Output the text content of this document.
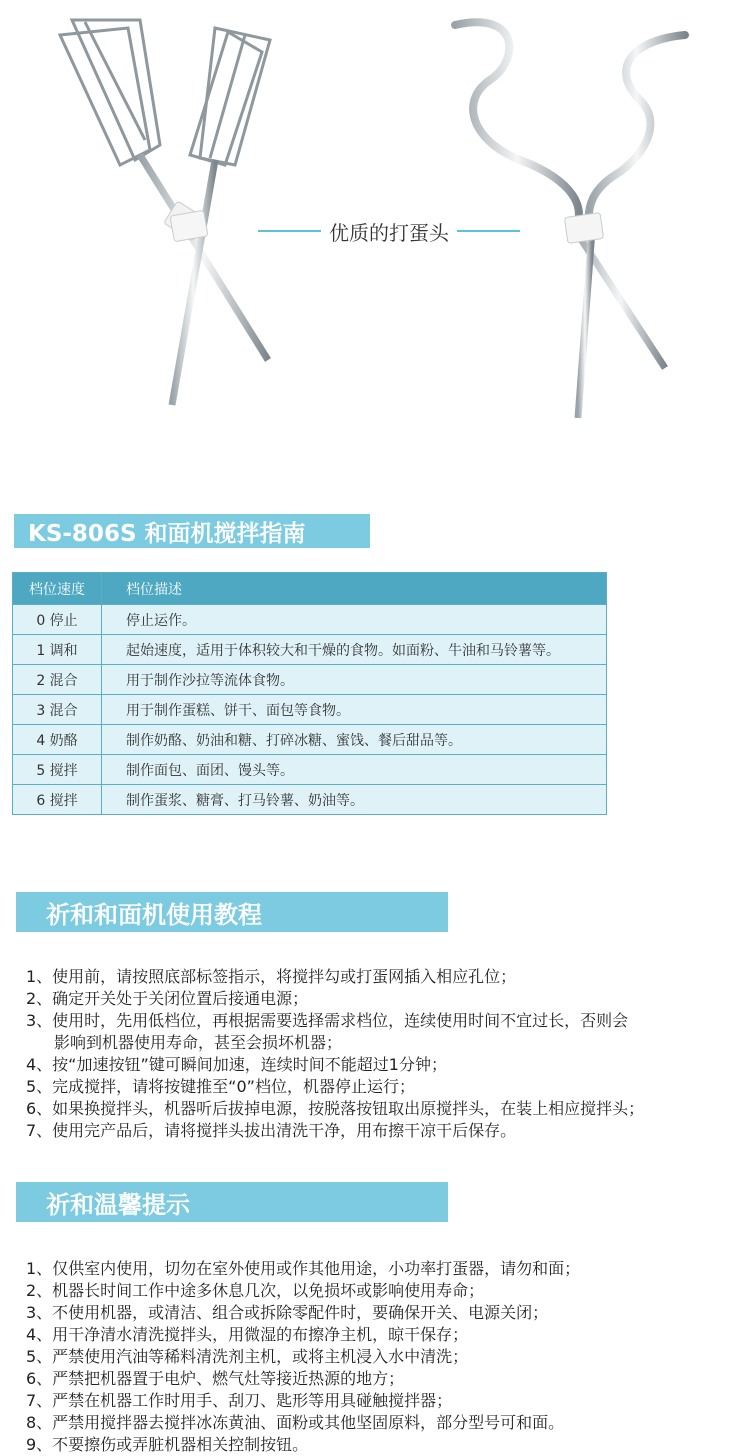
优质的打蛋头
KS-806S 和面机搅拌指南
档位速度	档位描述
0 停止	停止运作。
1 调和	起始速度，适用于体积较大和干燥的食物。如面粉、牛油和马铃薯等。
2 混合	用于制作沙拉等流体食物。
3 混合	用于制作蛋糕、饼干、面包等食物。
4 奶酪	制作奶酪、奶油和糖、打碎冰糖、蜜饯、餐后甜品等。
5 搅拌	制作面包、面团、馒头等。
6 搅拌	制作蛋浆、糖膏、打马铃薯、奶油等。
祈和和面机使用教程
1、使用前，请按照底部标签指示，将搅拌勾或打蛋网插入相应孔位；
2、确定开关处于关闭位置后接通电源；
3、使用时，先用低档位，再根据需要选择需求档位，连续使用时间不宜过长，否则会
影响到机器使用寿命，甚至会损坏机器；
4、按“加速按钮”键可瞬间加速，连续时间不能超过1分钟；
5、完成搅拌，请将按键推至“0”档位，机器停止运行；
6、如果换搅拌头，机器听后拔掉电源，按脱落按钮取出原搅拌头，在装上相应搅拌头；
7、使用完产品后，请将搅拌头拔出清洗干净，用布擦干凉干后保存。
祈和温馨提示
1、仅供室内使用，切勿在室外使用或作其他用途，小功率打蛋器，请勿和面；
2、机器长时间工作中途多休息几次，以免损坏或影响使用寿命；
3、不使用机器，或清洁、组合或拆除零配件时，要确保开关、电源关闭；
4、用干净清水清洗搅拌头，用微湿的布擦净主机，晾干保存；
5、严禁使用汽油等稀料清洗剂主机，或将主机浸入水中清洗；
6、严禁把机器置于电炉、燃气灶等接近热源的地方；
7、严禁在机器工作时用手、刮刀、匙形等用具碰触搅拌器；
8、严禁用搅拌器去搅拌冰冻黄油、面粉或其他坚固原料，部分型号可和面。
9、不要擦伤或弄脏机器相关控制按钮。
